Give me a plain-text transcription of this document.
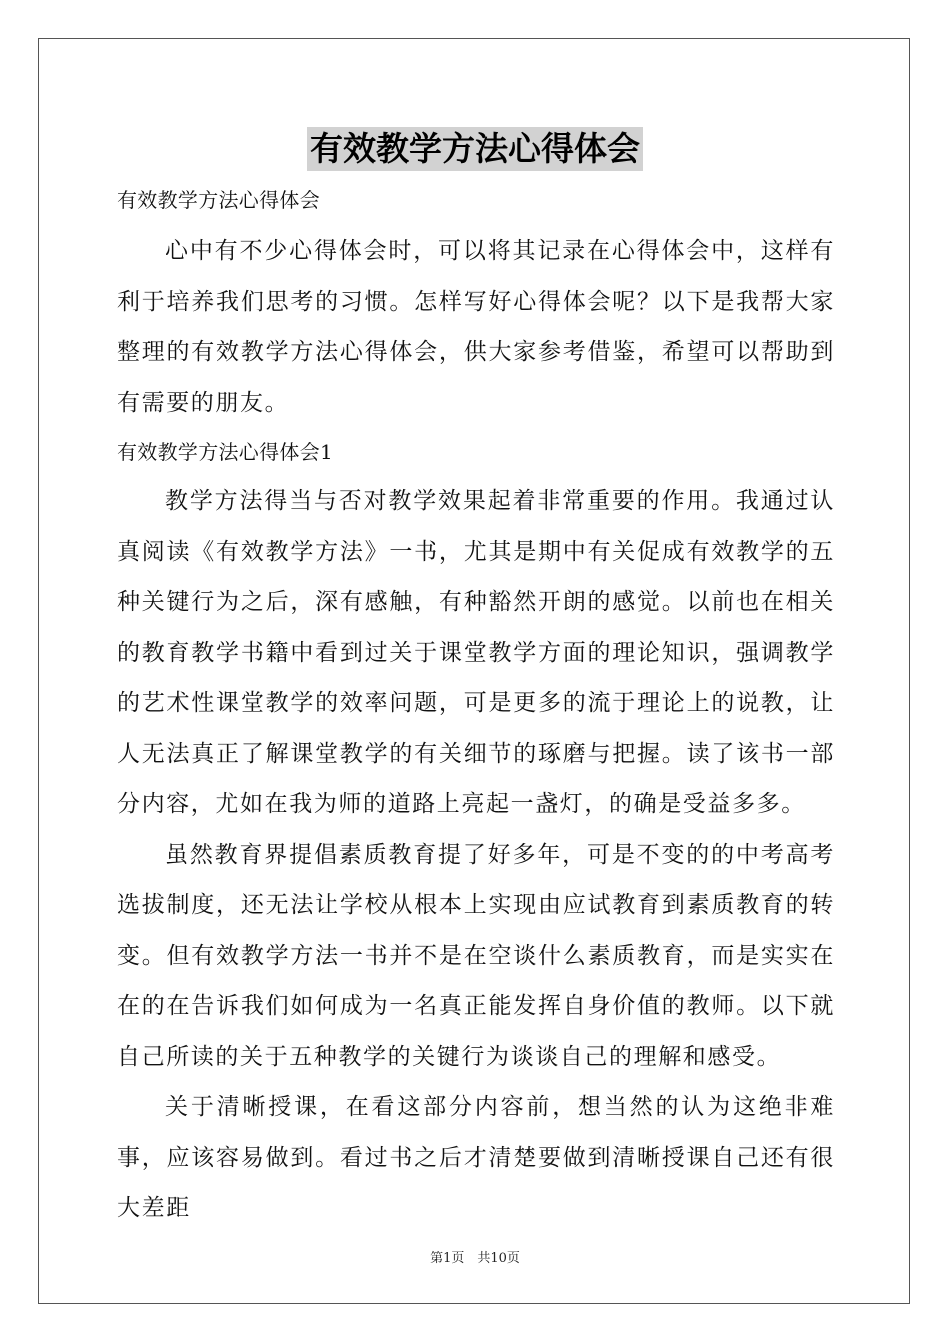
有效教学方法心得体会

有效教学方法心得体会

心中有不少心得体会时，可以将其记录在心得体会中，这样有利于培养我们思考的习惯。怎样写好心得体会呢？以下是我帮大家整理的有效教学方法心得体会，供大家参考借鉴，希望可以帮助到有需要的朋友。

有效教学方法心得体会1

教学方法得当与否对教学效果起着非常重要的作用。我通过认真阅读《有效教学方法》一书，尤其是期中有关促成有效教学的五种关键行为之后，深有感触，有种豁然开朗的感觉。以前也在相关的教育教学书籍中看到过关于课堂教学方面的理论知识，强调教学的艺术性课堂教学的效率问题，可是更多的流于理论上的说教，让人无法真正了解课堂教学的有关细节的琢磨与把握。读了该书一部分内容，尤如在我为师的道路上亮起一盏灯，的确是受益多多。

虽然教育界提倡素质教育提了好多年，可是不变的的中考高考选拔制度，还无法让学校从根本上实现由应试教育到素质教育的转变。但有效教学方法一书并不是在空谈什么素质教育，而是实实在在的在告诉我们如何成为一名真正能发挥自身价值的教师。以下就自己所读的关于五种教学的关键行为谈谈自己的理解和感受。

关于清晰授课，在看这部分内容前，想当然的认为这绝非难事，应该容易做到。看过书之后才清楚要做到清晰授课自己还有很大差距

第1页　共10页
